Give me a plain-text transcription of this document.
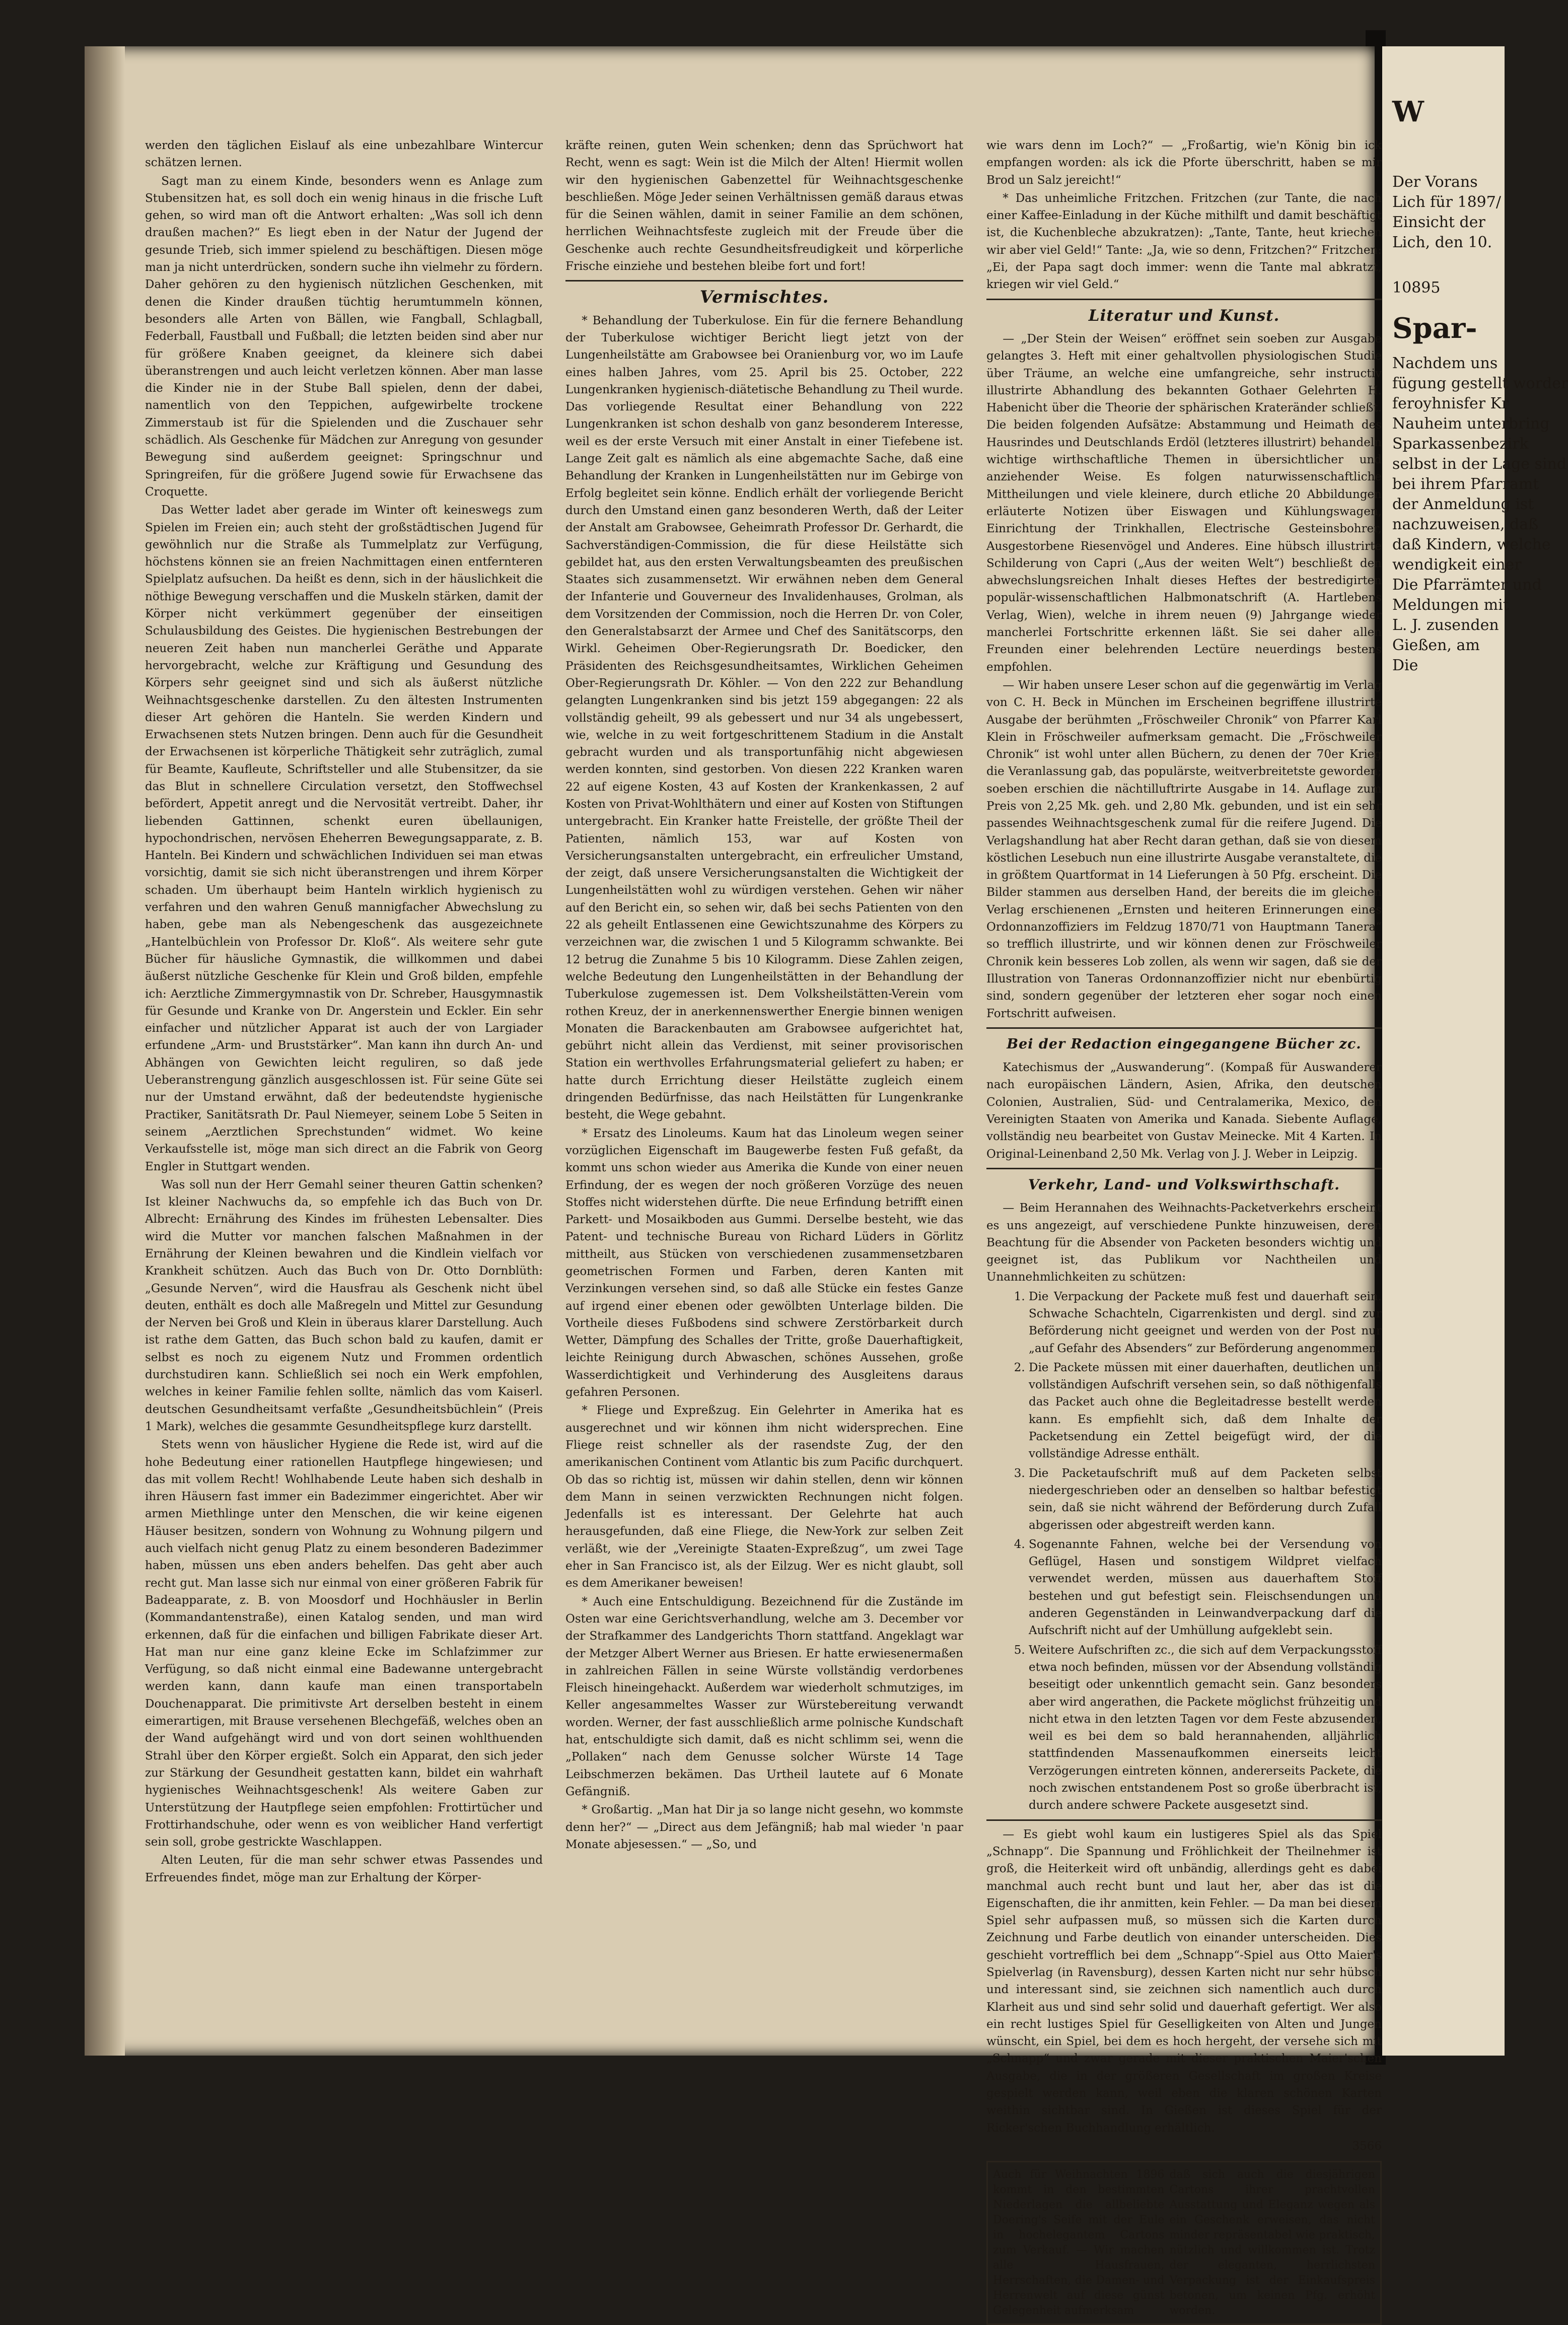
werden den täglichen Eislauf als eine unbezahlbare Wintercur schätzen lernen.

Sagt man zu einem Kinde, besonders wenn es Anlage zum Stubensitzen hat, es soll doch ein wenig hinaus in die frische Luft gehen, so wird man oft die Antwort erhalten: „Was soll ich denn draußen machen?“ Es liegt eben in der Natur der Jugend der gesunde Trieb, sich immer spielend zu beschäftigen. Diesen möge man ja nicht unterdrücken, sondern suche ihn vielmehr zu fördern. Daher gehören zu den hygienisch nützlichen Geschenken, mit denen die Kinder draußen tüchtig herumtummeln können, besonders alle Arten von Bällen, wie Fangball, Schlagball, Federball, Faustball und Fußball; die letzten beiden sind aber nur für größere Knaben geeignet, da kleinere sich dabei überanstrengen und auch leicht verletzen können. Aber man lasse die Kinder nie in der Stube Ball spielen, denn der dabei, namentlich von den Teppichen, aufgewirbelte trockene Zimmerstaub ist für die Spielenden und die Zuschauer sehr schädlich. Als Geschenke für Mädchen zur Anregung von gesunder Bewegung sind außerdem geeignet: Springschnur und Springreifen, für die größere Jugend sowie für Erwachsene das Croquette.

Das Wetter ladet aber gerade im Winter oft keineswegs zum Spielen im Freien ein; auch steht der großstädtischen Jugend für gewöhnlich nur die Straße als Tummelplatz zur Verfügung, höchstens können sie an freien Nachmittagen einen entfernteren Spielplatz aufsuchen. Da heißt es denn, sich in der häuslichkeit die nöthige Bewegung verschaffen und die Muskeln stärken, damit der Körper nicht verkümmert gegenüber der einseitigen Schulausbildung des Geistes. Die hygienischen Bestrebungen der neueren Zeit haben nun mancherlei Geräthe und Apparate hervorgebracht, welche zur Kräftigung und Gesundung des Körpers sehr geeignet sind und sich als äußerst nützliche Weihnachtsgeschenke darstellen. Zu den ältesten Instrumenten dieser Art gehören die Hanteln. Sie werden Kindern und Erwachsenen stets Nutzen bringen. Denn auch für die Gesundheit der Erwachsenen ist körperliche Thätigkeit sehr zuträglich, zumal für Beamte, Kaufleute, Schriftsteller und alle Stubensitzer, da sie das Blut in schnellere Circulation versetzt, den Stoffwechsel befördert, Appetit anregt und die Nervosität vertreibt. Daher, ihr liebenden Gattinnen, schenkt euren übellaunigen, hypochondrischen, nervösen Eheherren Bewegungsapparate, z. B. Hanteln. Bei Kindern und schwächlichen Individuen sei man etwas vorsichtig, damit sie sich nicht überanstrengen und ihrem Körper schaden. Um überhaupt beim Hanteln wirklich hygienisch zu verfahren und den wahren Genuß mannigfacher Abwechslung zu haben, gebe man als Nebengeschenk das ausgezeichnete „Hantelbüchlein von Professor Dr. Kloß“. Als weitere sehr gute Bücher für häusliche Gymnastik, die willkommen und dabei äußerst nützliche Geschenke für Klein und Groß bilden, empfehle ich: Aerztliche Zimmergymnastik von Dr. Schreber, Hausgymnastik für Gesunde und Kranke von Dr. Angerstein und Eckler. Ein sehr einfacher und nützlicher Apparat ist auch der von Largiader erfundene „Arm- und Bruststärker“. Man kann ihn durch An- und Abhängen von Gewichten leicht reguliren, so daß jede Ueberanstrengung gänzlich ausgeschlossen ist. Für seine Güte sei nur der Umstand erwähnt, daß der bedeutendste hygienische Practiker, Sanitätsrath Dr. Paul Niemeyer, seinem Lobe 5 Seiten in seinem „Aerztlichen Sprechstunden“ widmet. Wo keine Verkaufsstelle ist, möge man sich direct an die Fabrik von Georg Engler in Stuttgart wenden.

Was soll nun der Herr Gemahl seiner theuren Gattin schenken? Ist kleiner Nachwuchs da, so empfehle ich das Buch von Dr. Albrecht: Ernährung des Kindes im frühesten Lebensalter. Dies wird die Mutter vor manchen falschen Maßnahmen in der Ernährung der Kleinen bewahren und die Kindlein vielfach vor Krankheit schützen. Auch das Buch von Dr. Otto Dornblüth: „Gesunde Nerven“, wird die Hausfrau als Geschenk nicht übel deuten, enthält es doch alle Maßregeln und Mittel zur Gesundung der Nerven bei Groß und Klein in überaus klarer Darstellung. Auch ist rathe dem Gatten, das Buch schon bald zu kaufen, damit er selbst es noch zu eigenem Nutz und Frommen ordentlich durchstudiren kann. Schließlich sei noch ein Werk empfohlen, welches in keiner Familie fehlen sollte, nämlich das vom Kaiserl. deutschen Gesundheitsamt verfaßte „Gesundheitsbüchlein“ (Preis 1 Mark), welches die gesammte Gesundheitspflege kurz darstellt.

Stets wenn von häuslicher Hygiene die Rede ist, wird auf die hohe Bedeutung einer rationellen Hautpflege hingewiesen; und das mit vollem Recht! Wohlhabende Leute haben sich deshalb in ihren Häusern fast immer ein Badezimmer eingerichtet. Aber wir armen Miethlinge unter den Menschen, die wir keine eigenen Häuser besitzen, sondern von Wohnung zu Wohnung pilgern und auch vielfach nicht genug Platz zu einem besonderen Badezimmer haben, müssen uns eben anders behelfen. Das geht aber auch recht gut. Man lasse sich nur einmal von einer größeren Fabrik für Badeapparate, z. B. von Moosdorf und Hochhäusler in Berlin (Kommandantenstraße), einen Katalog senden, und man wird erkennen, daß für die einfachen und billigen Fabrikate dieser Art. Hat man nur eine ganz kleine Ecke im Schlafzimmer zur Verfügung, so daß nicht einmal eine Badewanne untergebracht werden kann, dann kaufe man einen transportabeln Douchenapparat. Die primitivste Art derselben besteht in einem eimerartigen, mit Brause versehenen Blechgefäß, welches oben an der Wand aufgehängt wird und von dort seinen wohlthuenden Strahl über den Körper ergießt. Solch ein Apparat, den sich jeder zur Stärkung der Gesundheit gestatten kann, bildet ein wahrhaft hygienisches Weihnachtsgeschenk! Als weitere Gaben zur Unterstützung der Hautpflege seien empfohlen: Frottirtücher und Frottirhandschuhe, oder wenn es von weiblicher Hand verfertigt sein soll, grobe gestrickte Waschlappen.

Alten Leuten, für die man sehr schwer etwas Passendes und Erfreuendes findet, möge man zur Erhaltung der Körper-

kräfte reinen, guten Wein schenken; denn das Sprüchwort hat Recht, wenn es sagt: Wein ist die Milch der Alten! Hiermit wollen wir den hygienischen Gabenzettel für Weihnachtsgeschenke beschließen. Möge Jeder seinen Verhältnissen gemäß daraus etwas für die Seinen wählen, damit in seiner Familie an dem schönen, herrlichen Weihnachtsfeste zugleich mit der Freude über die Geschenke auch rechte Gesundheitsfreudigkeit und körperliche Frische einziehe und bestehen bleibe fort und fort!

Vermischtes.

* Behandlung der Tuberkulose. Ein für die fernere Behandlung der Tuberkulose wichtiger Bericht liegt jetzt von der Lungenheilstätte am Grabowsee bei Oranienburg vor, wo im Laufe eines halben Jahres, vom 25. April bis 25. October, 222 Lungenkranken hygienisch-diätetische Behandlung zu Theil wurde. Das vorliegende Resultat einer Behandlung von 222 Lungenkranken ist schon deshalb von ganz besonderem Interesse, weil es der erste Versuch mit einer Anstalt in einer Tiefebene ist. Lange Zeit galt es nämlich als eine abgemachte Sache, daß eine Behandlung der Kranken in Lungenheilstätten nur im Gebirge von Erfolg begleitet sein könne. Endlich erhält der vorliegende Bericht durch den Umstand einen ganz besonderen Werth, daß der Leiter der Anstalt am Grabowsee, Geheimrath Professor Dr. Gerhardt, die Sachverständigen-Commission, die für diese Heilstätte sich gebildet hat, aus den ersten Verwaltungsbeamten des preußischen Staates sich zusammensetzt. Wir erwähnen neben dem General der Infanterie und Gouverneur des Invalidenhauses, Grolman, als dem Vorsitzenden der Commission, noch die Herren Dr. von Coler, den Generalstabsarzt der Armee und Chef des Sanitätscorps, den Wirkl. Geheimen Ober-Regierungsrath Dr. Boedicker, den Präsidenten des Reichsgesundheitsamtes, Wirklichen Geheimen Ober-Regierungsrath Dr. Köhler. — Von den 222 zur Behandlung gelangten Lungenkranken sind bis jetzt 159 abgegangen: 22 als vollständig geheilt, 99 als gebessert und nur 34 als ungebessert, wie, welche in zu weit fortgeschrittenem Stadium in die Anstalt gebracht wurden und als transportunfähig nicht abgewiesen werden konnten, sind gestorben. Von diesen 222 Kranken waren 22 auf eigene Kosten, 43 auf Kosten der Krankenkassen, 2 auf Kosten von Privat-Wohlthätern und einer auf Kosten von Stiftungen untergebracht. Ein Kranker hatte Freistelle, der größte Theil der Patienten, nämlich 153, war auf Kosten von Versicherungsanstalten untergebracht, ein erfreulicher Umstand, der zeigt, daß unsere Versicherungsanstalten die Wichtigkeit der Lungenheilstätten wohl zu würdigen verstehen. Gehen wir näher auf den Bericht ein, so sehen wir, daß bei sechs Patienten von den 22 als geheilt Entlassenen eine Gewichtszunahme des Körpers zu verzeichnen war, die zwischen 1 und 5 Kilogramm schwankte. Bei 12 betrug die Zunahme 5 bis 10 Kilogramm. Diese Zahlen zeigen, welche Bedeutung den Lungenheilstätten in der Behandlung der Tuberkulose zugemessen ist. Dem Volksheilstätten-Verein vom rothen Kreuz, der in anerkennenswerther Energie binnen wenigen Monaten die Barackenbauten am Grabowsee aufgerichtet hat, gebührt nicht allein das Verdienst, mit seiner provisorischen Station ein werthvolles Erfahrungsmaterial geliefert zu haben; er hatte durch Errichtung dieser Heilstätte zugleich einem dringenden Bedürfnisse, das nach Heilstätten für Lungenkranke besteht, die Wege gebahnt.

* Ersatz des Linoleums. Kaum hat das Linoleum wegen seiner vorzüglichen Eigenschaft im Baugewerbe festen Fuß gefaßt, da kommt uns schon wieder aus Amerika die Kunde von einer neuen Erfindung, der es wegen der noch größeren Vorzüge des neuen Stoffes nicht widerstehen dürfte. Die neue Erfindung betrifft einen Parkett- und Mosaikboden aus Gummi. Derselbe besteht, wie das Patent- und technische Bureau von Richard Lüders in Görlitz mittheilt, aus Stücken von verschiedenen zusammensetzbaren geometrischen Formen und Farben, deren Kanten mit Verzinkungen versehen sind, so daß alle Stücke ein festes Ganze auf irgend einer ebenen oder gewölbten Unterlage bilden. Die Vortheile dieses Fußbodens sind schwere Zerstörbarkeit durch Wetter, Dämpfung des Schalles der Tritte, große Dauerhaftigkeit, leichte Reinigung durch Abwaschen, schönes Aussehen, große Wasserdichtigkeit und Verhinderung des Ausgleitens daraus gefahren Personen.

* Fliege und Expreßzug. Ein Gelehrter in Amerika hat es ausgerechnet und wir können ihm nicht widersprechen. Eine Fliege reist schneller als der rasendste Zug, der den amerikanischen Continent vom Atlantic bis zum Pacific durchquert. Ob das so richtig ist, müssen wir dahin stellen, denn wir können dem Mann in seinen verzwickten Rechnungen nicht folgen. Jedenfalls ist es interessant. Der Gelehrte hat auch herausgefunden, daß eine Fliege, die New-York zur selben Zeit verläßt, wie der „Vereinigte Staaten-Expreßzug“, um zwei Tage eher in San Francisco ist, als der Eilzug. Wer es nicht glaubt, soll es dem Amerikaner beweisen!

* Auch eine Entschuldigung. Bezeichnend für die Zustände im Osten war eine Gerichtsverhandlung, welche am 3. December vor der Strafkammer des Landgerichts Thorn stattfand. Angeklagt war der Metzger Albert Werner aus Briesen. Er hatte erwiesenermaßen in zahlreichen Fällen in seine Würste vollständig verdorbenes Fleisch hineingehackt. Außerdem war wiederholt schmutziges, im Keller angesammeltes Wasser zur Würstebereitung verwandt worden. Werner, der fast ausschließlich arme polnische Kundschaft hat, entschuldigte sich damit, daß es nicht schlimm sei, wenn die „Pollaken“ nach dem Genusse solcher Würste 14 Tage Leibschmerzen bekämen. Das Urtheil lautete auf 6 Monate Gefängniß.

* Großartig. „Man hat Dir ja so lange nicht gesehn, wo kommste denn her?“ — „Direct aus dem Jefängniß; hab mal wieder 'n paar Monate abjesessen.“ — „So, und

wie wars denn im Loch?“ — „Froßartig, wie'n König bin ick empfangen worden: als ick die Pforte überschritt, haben se mir Brod un Salz jereicht!“

* Das unheimliche Fritzchen. Fritzchen (zur Tante, die nach einer Kaffee-Einladung in der Küche mithilft und damit beschäftigt ist, die Kuchenbleche abzukratzen): „Tante, Tante, heut kriechen wir aber viel Geld!“ Tante: „Ja, wie so denn, Fritzchen?“ Fritzchen: „Ei, der Papa sagt doch immer: wenn die Tante mal abkratzt, kriegen wir viel Geld.“

Literatur und Kunst.

— „Der Stein der Weisen“ eröffnet sein soeben zur Ausgabe gelangtes 3. Heft mit einer gehaltvollen physiologischen Studie über Träume, an welche eine umfangreiche, sehr instructiv illustrirte Abhandlung des bekannten Gothaer Gelehrten H. Habenicht über die Theorie der sphärischen Krateränder schließt. Die beiden folgenden Aufsätze: Abstammung und Heimath des Hausrindes und Deutschlands Erdöl (letzteres illustrirt) behandeln wichtige wirthschaftliche Themen in übersichtlicher und anziehender Weise. Es folgen naturwissenschaftliche Mittheilungen und viele kleinere, durch etliche 20 Abbildungen erläuterte Notizen über Eiswagen und Kühlungswagen, Einrichtung der Trinkhallen, Electrische Gesteinsbohrer, Ausgestorbene Riesenvögel und Anderes. Eine hübsch illustrirte Schilderung von Capri („Aus der weiten Welt“) beschließt den abwechslungsreichen Inhalt dieses Heftes der bestredigirten populär-wissenschaftlichen Halbmonatschrift (A. Hartlebens Verlag, Wien), welche in ihrem neuen (9) Jahrgange wieder mancherlei Fortschritte erkennen läßt. Sie sei daher allen Freunden einer belehrenden Lectüre neuerdings bestens empfohlen.

— Wir haben unsere Leser schon auf die gegenwärtig im Verlag von C. H. Beck in München im Erscheinen begriffene illustrirte Ausgabe der berühmten „Fröschweiler Chronik“ von Pfarrer Karl Klein in Fröschweiler aufmerksam gemacht. Die „Fröschweiler Chronik“ ist wohl unter allen Büchern, zu denen der 70er Krieg die Veranlassung gab, das populärste, weitverbreitetste geworden; soeben erschien die nächtilluftrirte Ausgabe in 14. Auflage zum Preis von 2,25 Mk. geh. und 2,80 Mk. gebunden, und ist ein sehr passendes Weihnachtsgeschenk zumal für die reifere Jugend. Die Verlagshandlung hat aber Recht daran gethan, daß sie von diesem köstlichen Lesebuch nun eine illustrirte Ausgabe veranstaltete, die in größtem Quartformat in 14 Lieferungen à 50 Pfg. erscheint. Die Bilder stammen aus derselben Hand, der bereits die im gleichen Verlag erschienenen „Ernsten und heiteren Erinnerungen eines Ordonnanzoffiziers im Feldzug 1870/71 von Hauptmann Tanera“ so trefflich illustrirte, und wir können denen zur Fröschweiler Chronik kein besseres Lob zollen, als wenn wir sagen, daß sie der Illustration von Taneras Ordonnanzoffizier nicht nur ebenbürtig sind, sondern gegenüber der letzteren eher sogar noch einen Fortschritt aufweisen.

Bei der Redaction eingegangene Bücher zc.

Katechismus der „Auswanderung“. (Kompaß für Auswanderer nach europäischen Ländern, Asien, Afrika, den deutschen Colonien, Australien, Süd- und Centralamerika, Mexico, den Vereinigten Staaten von Amerika und Kanada. Siebente Auflage, vollständig neu bearbeitet von Gustav Meinecke. Mit 4 Karten. In Original-Leinenband 2,50 Mk. Verlag von J. J. Weber in Leipzig.

Verkehr, Land- und Volkswirthschaft.

— Beim Herannahen des Weihnachts-Packetverkehrs erscheint es uns angezeigt, auf verschiedene Punkte hinzuweisen, deren Beachtung für die Absender von Packeten besonders wichtig und geeignet ist, das Publikum vor Nachtheilen und Unannehmlichkeiten zu schützen:

1. Die Verpackung der Packete muß fest und dauerhaft sein. Schwache Schachteln, Cigarrenkisten und dergl. sind zur Beförderung nicht geeignet und werden von der Post nur „auf Gefahr des Absenders“ zur Beförderung angenommen.
2. Die Packete müssen mit einer dauerhaften, deutlichen und vollständigen Aufschrift versehen sein, so daß nöthigenfalls das Packet auch ohne die Begleitadresse bestellt werden kann. Es empfiehlt sich, daß dem Inhalte der Packetsendung ein Zettel beigefügt wird, der die vollständige Adresse enthält.
3. Die Packetaufschrift muß auf dem Packeten selbst niedergeschrieben oder an denselben so haltbar befestigt sein, daß sie nicht während der Beförderung durch Zufall abgerissen oder abgestreift werden kann.
4. Sogenannte Fahnen, welche bei der Versendung von Geflügel, Hasen und sonstigem Wildpret vielfach verwendet werden, müssen aus dauerhaftem Stoff bestehen und gut befestigt sein. Fleischsendungen und anderen Gegenständen in Leinwandverpackung darf die Aufschrift nicht auf der Umhüllung aufgeklebt sein.
5. Weitere Aufschriften zc., die sich auf dem Verpackungsstoff etwa noch befinden, müssen vor der Absendung vollständig beseitigt oder unkenntlich gemacht sein. Ganz besonders aber wird angerathen, die Packete möglichst frühzeitig und nicht etwa in den letzten Tagen vor dem Feste abzusenden, weil es bei dem so bald herannahenden, alljährlich stattfindenden Massenaufkommen einerseits leicht Verzögerungen eintreten können, andererseits Packete, die noch zwischen entstandenem Post so große überbracht ist, durch andere schwere Packete ausgesetzt sind.

— Es giebt wohl kaum ein lustigeres Spiel als das Spiel „Schnapp“. Die Spannung und Fröhlichkeit der Theilnehmer ist groß, die Heiterkeit wird oft unbändig, allerdings geht es dabei manchmal auch recht bunt und laut her, aber das ist die Eigenschaften, die ihr anmitten, kein Fehler. — Da man bei diesem Spiel sehr aufpassen muß, so müssen sich die Karten durch Zeichnung und Farbe deutlich von einander unterscheiden. Dies geschieht vortrefflich bei dem „Schnapp“-Spiel aus Otto Maier's Spielverlag (in Ravensburg), dessen Karten nicht nur sehr hübsch und interessant sind, sie zeichnen sich namentlich auch durch Klarheit aus und sind sehr solid und dauerhaft gefertigt. Wer also ein recht lustiges Spiel für Geselligkeiten von Alten und Jungen wünscht, ein Spiel, bei dem es hoch hergeht, der versehe sich mit „Schnapp“ und zwar gerade mit dieser praktischen Maier'schen Ausgabe, die in der größeren Gesellschaft im großen Kreise gespielt werden kann, weil eben die klaren schönen Karten weithin sichtbar sind. In Gießen ist dieses Spiel für der Ricker'schen Buchhandlung erhältlich.

3566
Auch für Weihnachten 1896 kommt in den bestimmten Niederlagen die allbeliebte Doering's Seife mit der Eule in hochelegantem Cartons zum Verkauf. — Wir machen alle Hausfrauen, Herrschaften, die Damen- und Herrenwelt auf diese günst Gelegenheit aufmerksam
daß sich auch die diesjährigen Cartons ihrer prachtvollen Ausstattung und Eleganz wegen als ein Geschenk erweisen, das nicht minder repräsentabel wie praktisch, nützlich und willkommen ist. Trotz der eleganten, herrlichsten Verpackung ist der Einkaufspreis betonen, um keinen Pfg. erhöht worden.
W
Der Vorans
Lich für 1897/
Einsicht der
Lich, den 10.
10895
Spar-
Nachdem uns
fügung gestellt worder
feroyhnisfer Kr
Nauheim unterbring
Sparkassenbezirk
selbst in der Lage sind
bei ihrem Pfarramt
der Anmeldung ist
nachzuweisen, daß
daß Kindern, welche
wendigkeit einer
Die Pfarrämter und
Meldungen mit
L. J. zusenden
Gießen, am
Die
